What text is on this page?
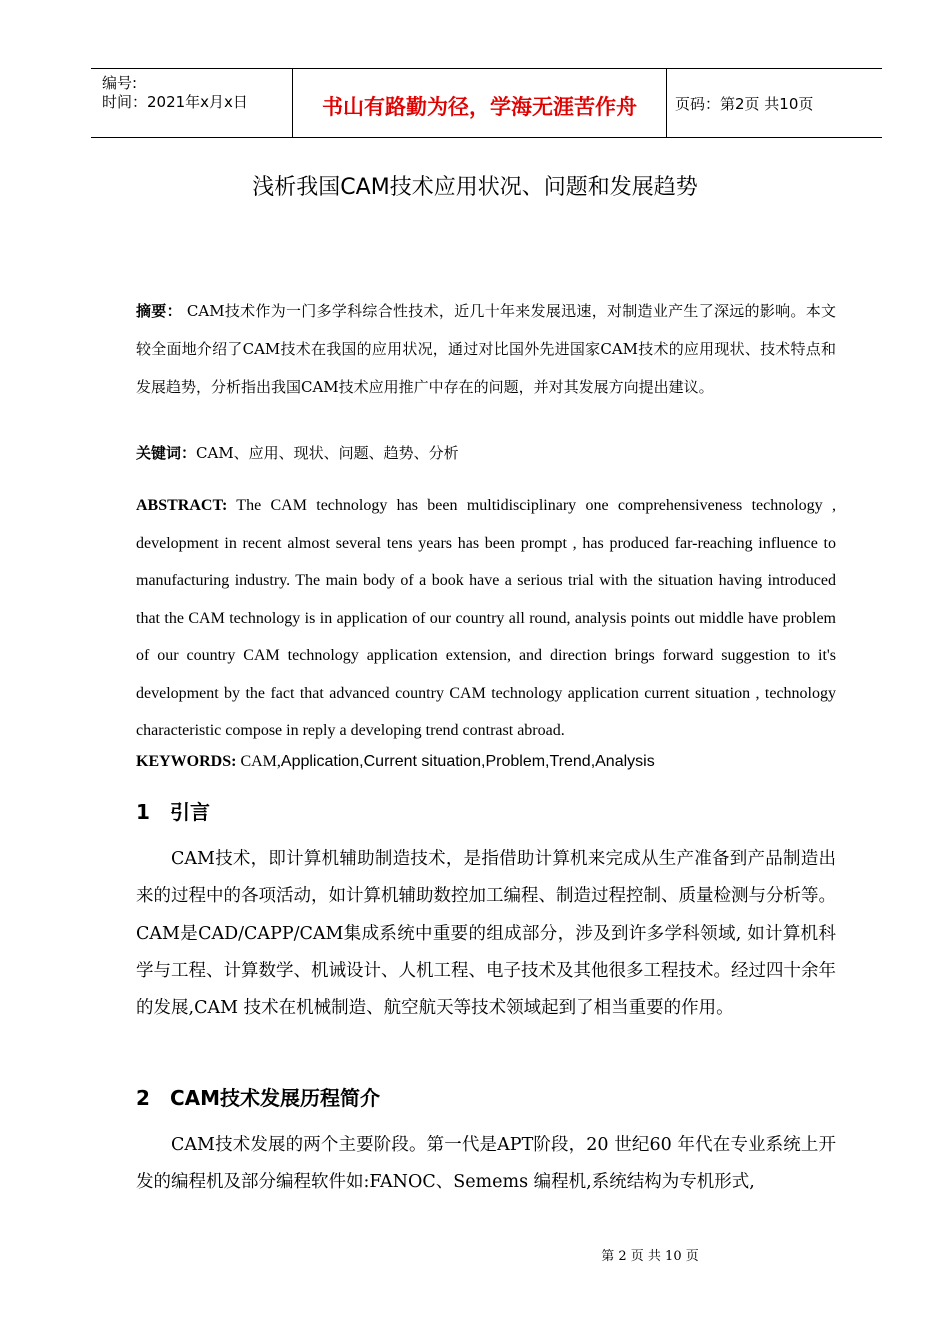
编号:
时间：2021年x月x日	书山有路勤为径，学海无涯苦作舟	页码：第2页 共10页
浅析我国CAM技术应用状况、问题和发展趋势
摘要： CAM技术作为一门多学科综合性技术，近几十年来发展迅速，对制造业产生了深远的影响。本文较全面地介绍了CAM技术在我国的应用状况，通过对比国外先进国家CAM技术的应用现状、技术特点和发展趋势，分析指出我国CAM技术应用推广中存在的问题，并对其发展方向提出建议。
关键词：CAM、应用、现状、问题、趋势、分析
ABSTRACT: The CAM technology has been multidisciplinary one comprehensiveness technology , development in recent almost several tens years has been prompt , has produced far-reaching influence to manufacturing industry. The main body of a book have a serious trial with the situation having introduced that the CAM technology is in application of our country all round, analysis points out middle have problem of our country CAM technology application extension, and direction brings forward suggestion to it's development by the fact that advanced country CAM technology application current situation , technology characteristic compose in reply a developing trend contrast abroad.
KEYWORDS: CAM,Application,Current situation,Problem,Trend,Analysis
1 引言
CAM技术，即计算机辅助制造技术，是指借助计算机来完成从生产准备到产品制造出来的过程中的各项活动，如计算机辅助数控加工编程、制造过程控制、质量检测与分析等。CAM是CAD/CAPP/CAM集成系统中重要的组成部分，涉及到许多学科领域, 如计算机科学与工程、计算数学、机诫设计、人机工程、电子技术及其他很多工程技术。经过四十余年的发展,CAM 技术在机械制造、航空航天等技术领域起到了相当重要的作用。
2 CAM技术发展历程简介
CAM技术发展的两个主要阶段。第一代是APT阶段，20 世纪60 年代在专业系统上开发的编程机及部分编程软件如:FANOC、Semems 编程机,系统结构为专机形式,
第 2 页 共 10 页
